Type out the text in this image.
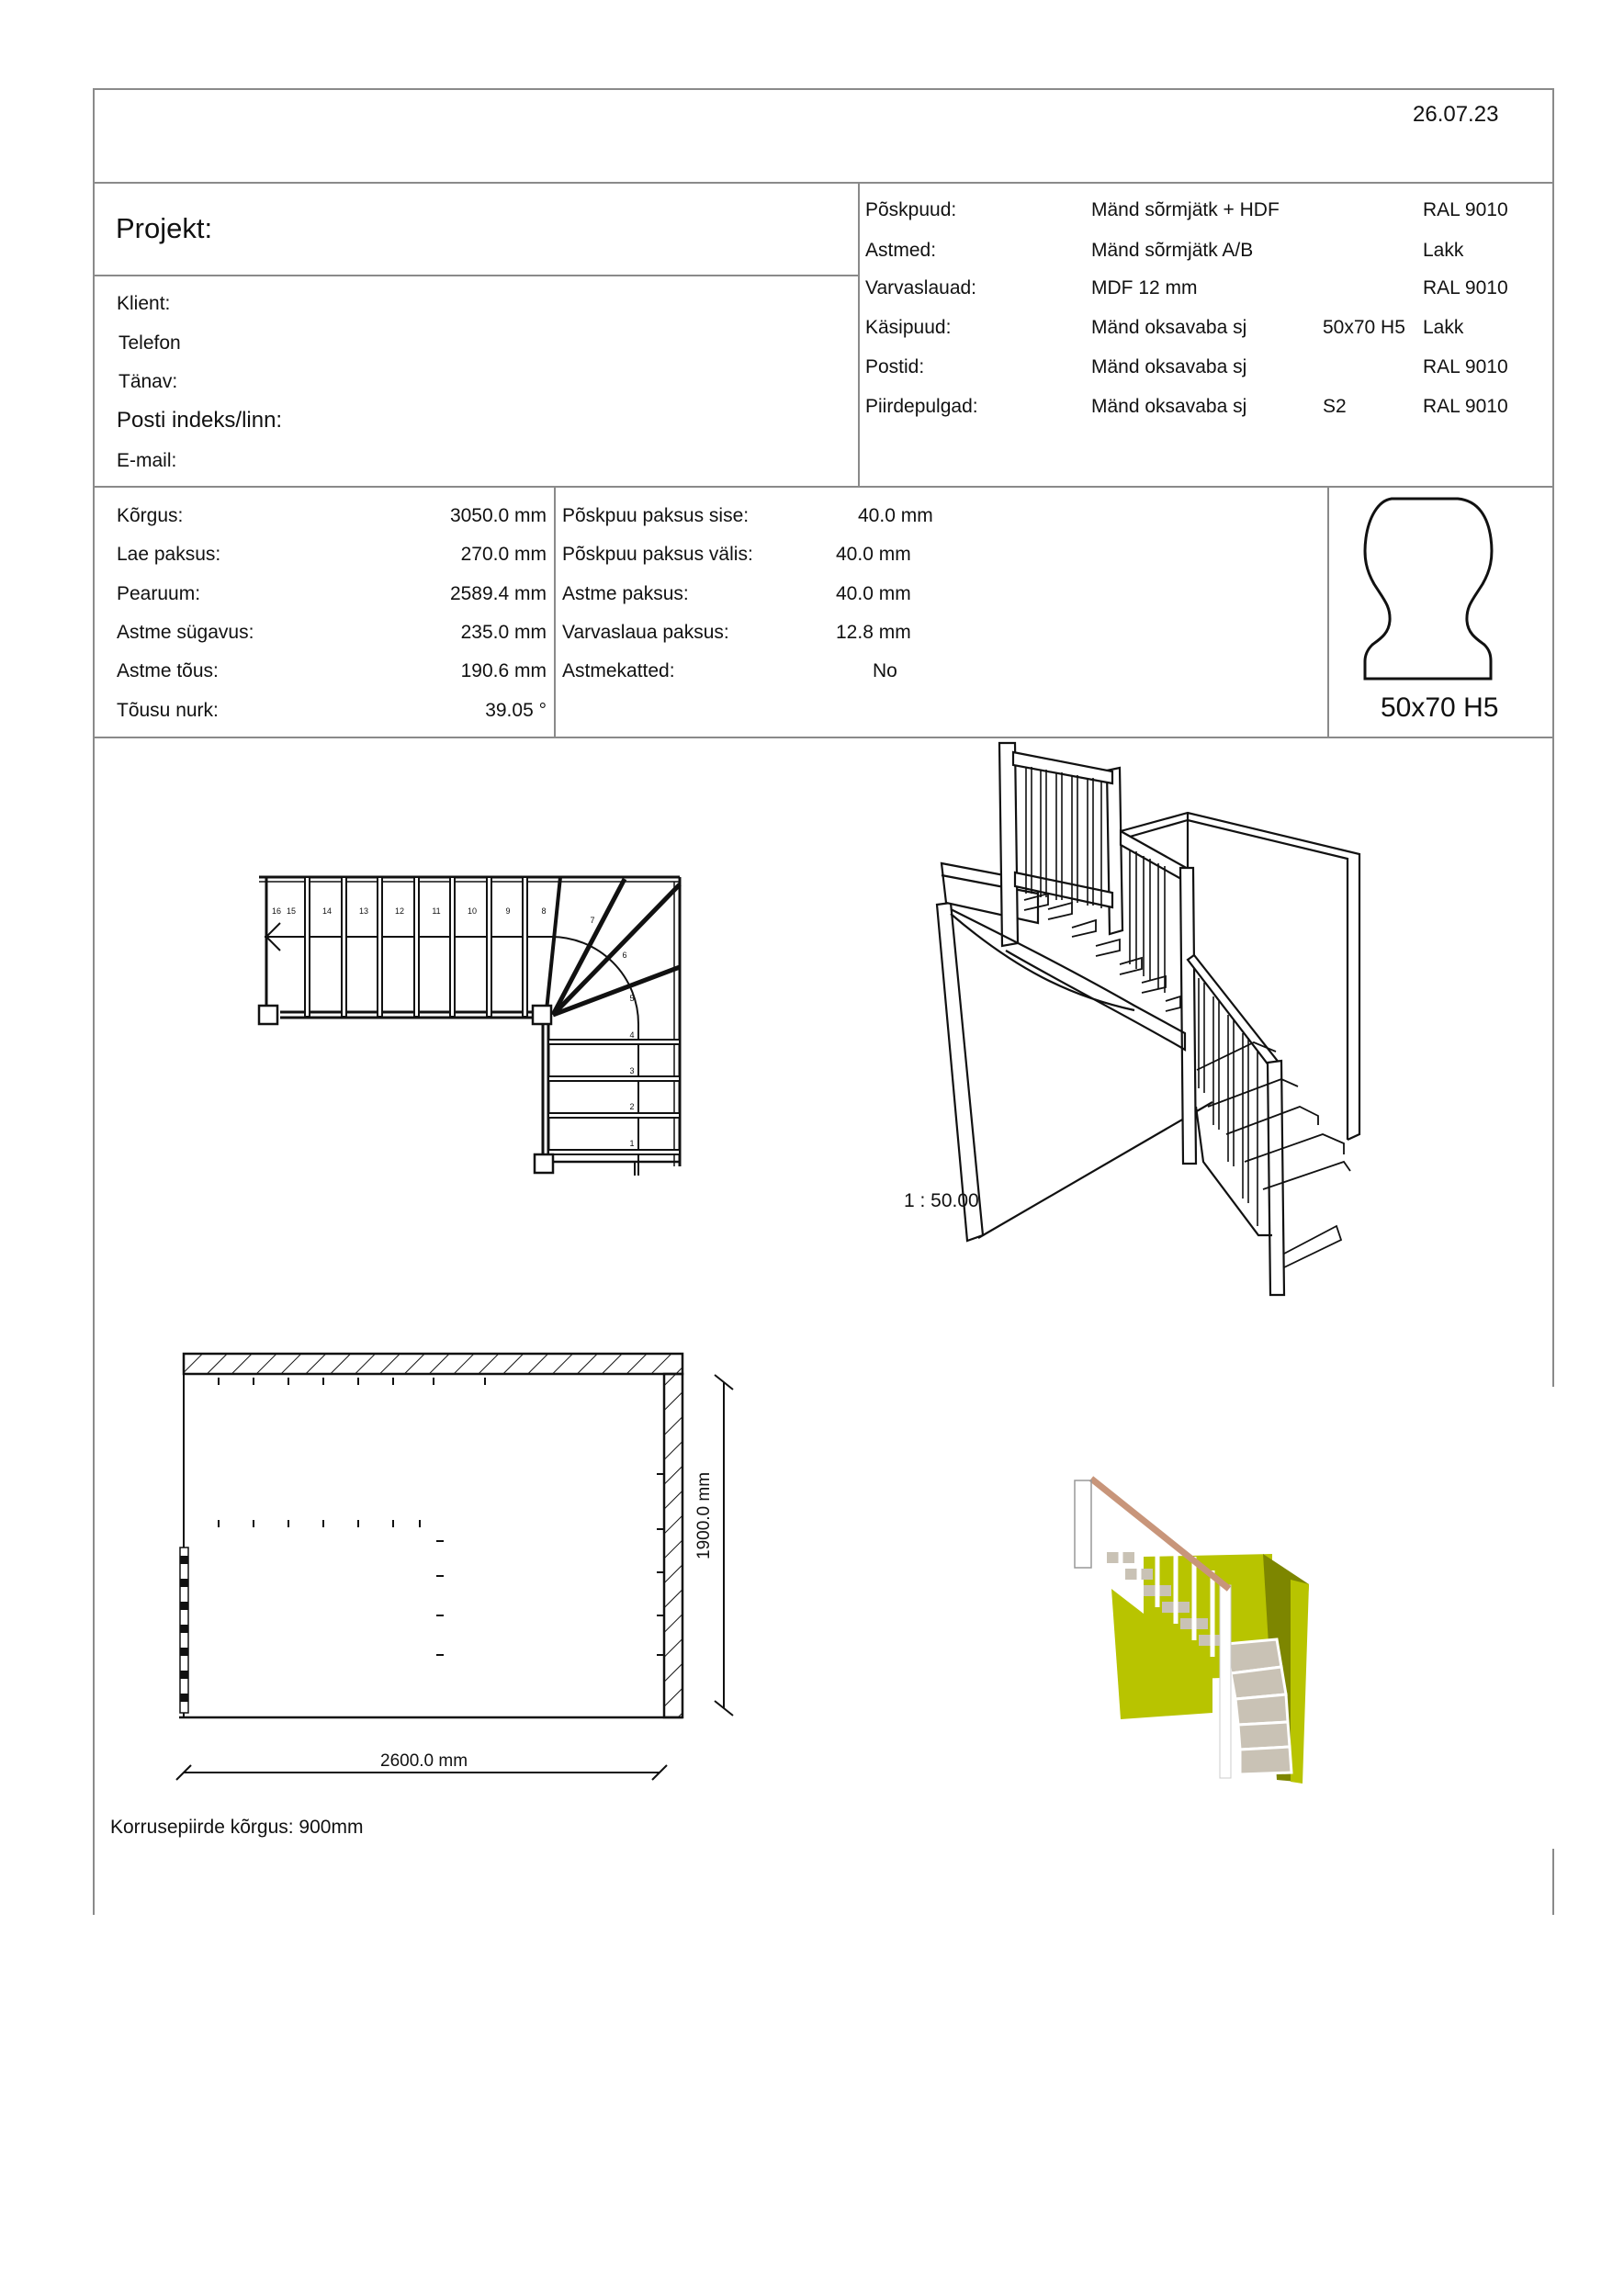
26.07.23
Projekt:
Klient:
Telefon
Tänav:
Posti indeks/linn:
E-mail:
Põskpuud:	Mänd sõrmjätk + HDF	RAL 9010
Astmed:	Mänd sõrmjätk A/B	Lakk
Varvaslauad:	MDF 12 mm	RAL 9010
Käsipuud:	Mänd oksavaba sj	50x70 H5 Lakk
Postid:	Mänd oksavaba sj	RAL 9010
Piirdepulgad:	Mänd oksavaba sj	S2	RAL 9010
Kõrgus:	3050.0 mm
Lae paksus:	270.0 mm
Pearuum:	2589.4 mm
Astme sügavus:	235.0 mm
Astme tõus:	190.6 mm
Tõusu nurk:	39.05 °
Põskpuu paksus sise:	40.0 mm
Põskpuu paksus välis:	40.0 mm
Astme paksus:	40.0 mm
Varvaslaua paksus:	12.8 mm
Astmekatted:	No
50x70 H5
16 15	14	13	12	11	10	9	8
7
6
5
4
3
2
1
1 : 50.00
2600.0 mm
1900.0 mm
Korrusepiirde kõrgus: 900mm
